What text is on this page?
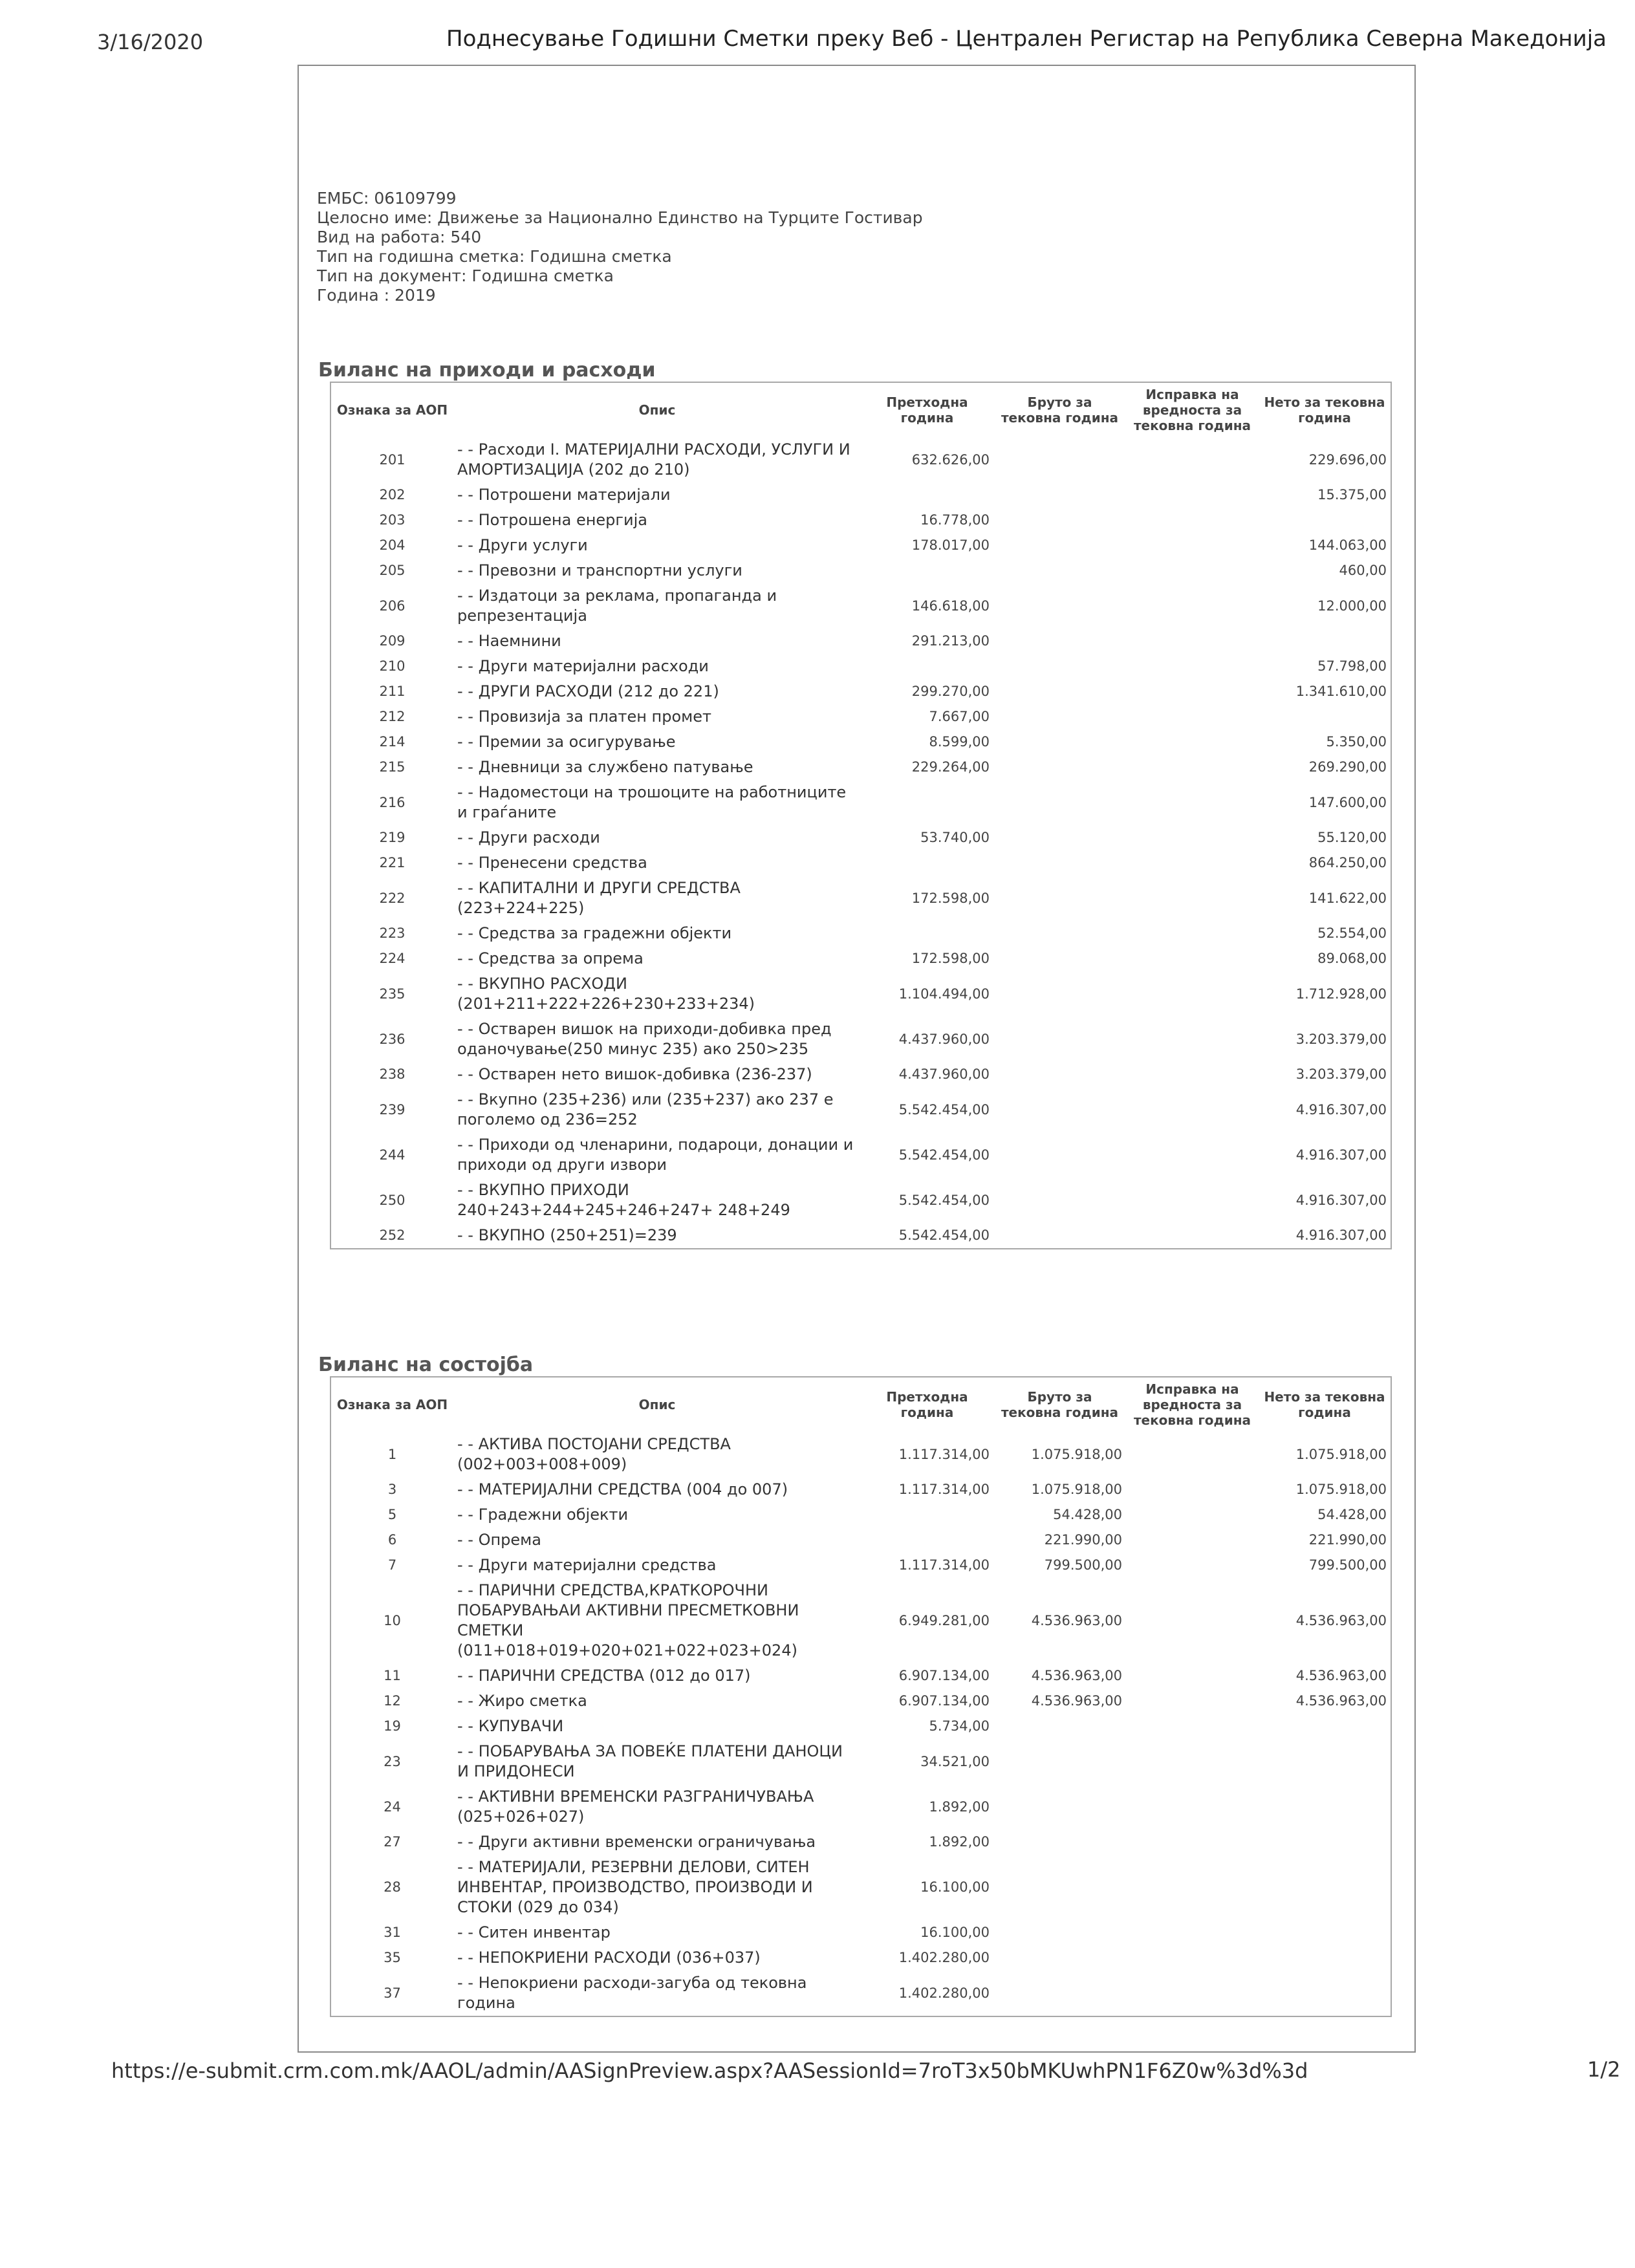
3/16/2020	Поднесување Годишни Сметки преку Веб - Централен Регистар на Република Северна Македонија
ЕМБС: 06109799
Целосно име: Движење за Национално Единство на Турците Гостивар
Вид на работа: 540
Тип на годишна сметка: Годишна сметка
Тип на документ: Годишна сметка
Година : 2019
Биланс на приходи и расходи
Ознака за АОП	Опис	Претходна година	Бруто за тековна година	Исправка на вредноста за тековна година	Нето за тековна година
201	- - Расходи I. МАТЕРИЈАЛНИ РАСХОДИ, УСЛУГИ И АМОРТИЗАЦИЈА (202 до 210)	632.626,00			229.696,00
202	- - Потрошени материјали				15.375,00
203	- - Потрошена енергија	16.778,00			
204	- - Други услуги	178.017,00			144.063,00
205	- - Превозни и транспортни услуги				460,00
206	- - Издатоци за реклама, пропаганда и репрезентација	146.618,00			12.000,00
209	- - Наемнини	291.213,00			
210	- - Други материјални расходи				57.798,00
211	- - ДРУГИ РАСХОДИ (212 до 221)	299.270,00			1.341.610,00
212	- - Провизија за платен промет	7.667,00			
214	- - Премии за осигурување	8.599,00			5.350,00
215	- - Дневници за службено патување	229.264,00			269.290,00
216	- - Надоместоци на трошоците на работниците и граѓаните				147.600,00
219	- - Други расходи	53.740,00			55.120,00
221	- - Пренесени средства				864.250,00
222	- - КАПИТАЛНИ И ДРУГИ СРЕДСТВА (223+224+225)	172.598,00			141.622,00
223	- - Средства за градежни објекти				52.554,00
224	- - Средства за опрема	172.598,00			89.068,00
235	- - ВКУПНО РАСХОДИ (201+211+222+226+230+233+234)	1.104.494,00			1.712.928,00
236	- - Остварен вишок на приходи-добивка пред оданочување(250 минус 235) ако 250>235	4.437.960,00			3.203.379,00
238	- - Остварен нето вишок-добивка (236-237)	4.437.960,00			3.203.379,00
239	- - Вкупно (235+236) или (235+237) ако 237 е поголемо од 236=252	5.542.454,00			4.916.307,00
244	- - Приходи од членарини, подароци, донации и приходи од други извори	5.542.454,00			4.916.307,00
250	- - ВКУПНО ПРИХОДИ 240+243+244+245+246+247+ 248+249	5.542.454,00			4.916.307,00
252	- - ВКУПНО (250+251)=239	5.542.454,00			4.916.307,00
Биланс на состојба
Ознака за АОП	Опис	Претходна година	Бруто за тековна година	Исправка на вредноста за тековна година	Нето за тековна година
1	- - АКТИВА ПОСТОЈАНИ СРЕДСТВА (002+003+008+009)	1.117.314,00	1.075.918,00		1.075.918,00
3	- - МАТЕРИЈАЛНИ СРЕДСТВА (004 до 007)	1.117.314,00	1.075.918,00		1.075.918,00
5	- - Градежни објекти		54.428,00		54.428,00
6	- - Опрема		221.990,00		221.990,00
7	- - Други материјални средства	1.117.314,00	799.500,00		799.500,00
10	- - ПАРИЧНИ СРЕДСТВА,КРАТКОРОЧНИ ПОБАРУВАЊАИ АКТИВНИ ПРЕСМЕТКОВНИ СМЕТКИ (011+018+019+020+021+022+023+024)	6.949.281,00	4.536.963,00		4.536.963,00
11	- - ПАРИЧНИ СРЕДСТВА (012 до 017)	6.907.134,00	4.536.963,00		4.536.963,00
12	- - Жиро сметка	6.907.134,00	4.536.963,00		4.536.963,00
19	- - КУПУВАЧИ	5.734,00			
23	- - ПОБАРУВАЊА ЗА ПОВЕЌЕ ПЛАТЕНИ ДАНОЦИ И ПРИДОНЕСИ	34.521,00			
24	- - АКТИВНИ ВРЕМЕНСКИ РАЗГРАНИЧУВАЊА (025+026+027)	1.892,00			
27	- - Други активни временски ограничувања	1.892,00			
28	- - МАТЕРИЈАЛИ, РЕЗЕРВНИ ДЕЛОВИ, СИТЕН ИНВЕНТАР, ПРОИЗВОДСТВО, ПРОИЗВОДИ И СТОКИ (029 до 034)	16.100,00			
31	- - Ситен инвентар	16.100,00			
35	- - НЕПОКРИЕНИ РАСХОДИ (036+037)	1.402.280,00			
37	- - Непокриени расходи-загуба од тековна година	1.402.280,00			
https://e-submit.crm.com.mk/AAOL/admin/AASignPreview.aspx?AASessionId=7roT3x50bMKUwhPN1F6Z0w%3d%3d	1/2
